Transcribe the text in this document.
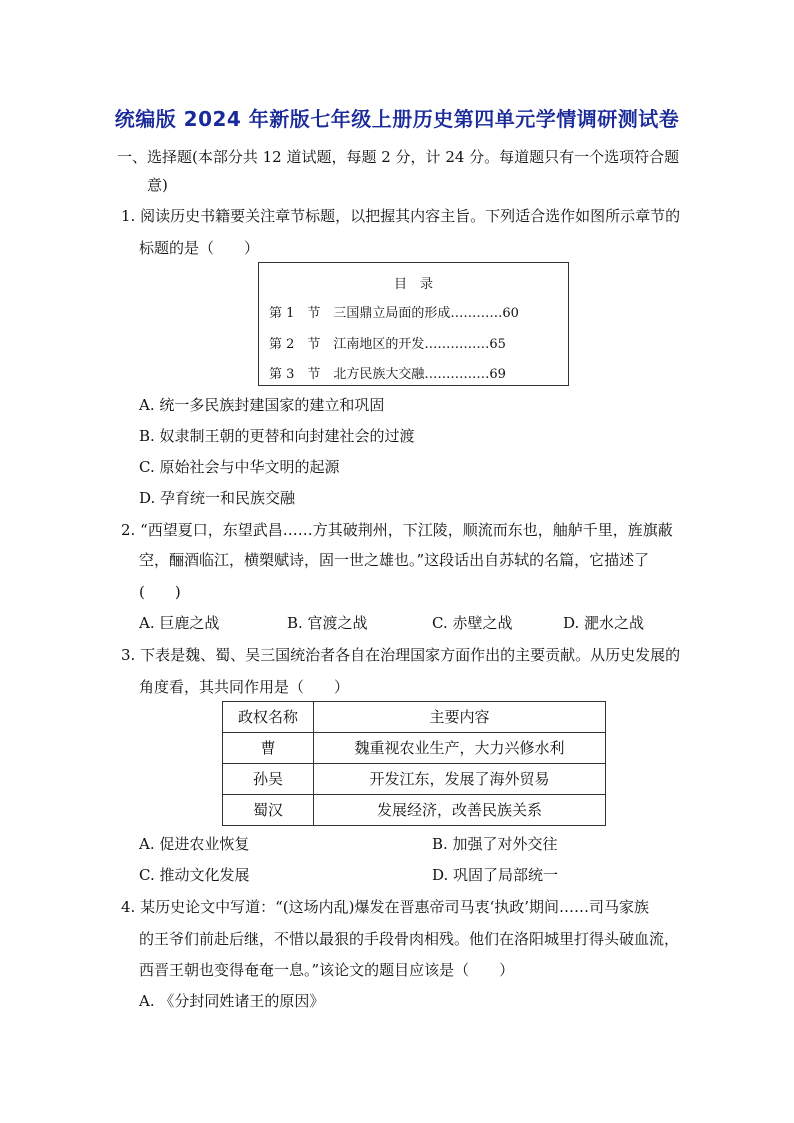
统编版 2024 年新版七年级上册历史第四单元学情调研测试卷
一、选择题(本部分共 12 道试题，每题 2 分，计 24 分。每道题只有一个选项符合题
意)
1. 阅读历史书籍要关注章节标题，以把握其内容主旨。下列适合选作如图所示章节的
标题的是（　　）
目　录
第 1　节　三国鼎立局面的形成…………60
第 2　节　江南地区的开发……………65
第 3　节　北方民族大交融……………69
A. 统一多民族封建国家的建立和巩固
B. 奴隶制王朝的更替和向封建社会的过渡
C. 原始社会与中华文明的起源
D. 孕育统一和民族交融
2. “西望夏口，东望武昌……方其破荆州，下江陵，顺流而东也，舳舻千里，旌旗蔽
空，酾酒临江，横槊赋诗，固一世之雄也。”这段话出自苏轼的名篇，它描述了
(　　)
A. 巨鹿之战	B. 官渡之战	C. 赤壁之战	D. 淝水之战
3. 下表是魏、蜀、吴三国统治者各自在治理国家方面作出的主要贡献。从历史发展的
角度看，其共同作用是（　　）
政权名称	主要内容
曹	魏重视农业生产，大力兴修水利
孙吴	开发江东，发展了海外贸易
蜀汉	发展经济，改善民族关系
A. 促进农业恢复	B. 加强了对外交往
C. 推动文化发展	D. 巩固了局部统一
4. 某历史论文中写道：“(这场内乱)爆发在晋惠帝司马衷‘执政’期间……司马家族
的王爷们前赴后继，不惜以最狠的手段骨肉相残。他们在洛阳城里打得头破血流，
西晋王朝也变得奄奄一息。”该论文的题目应该是（　　）
A. 《分封同姓诸王的原因》
